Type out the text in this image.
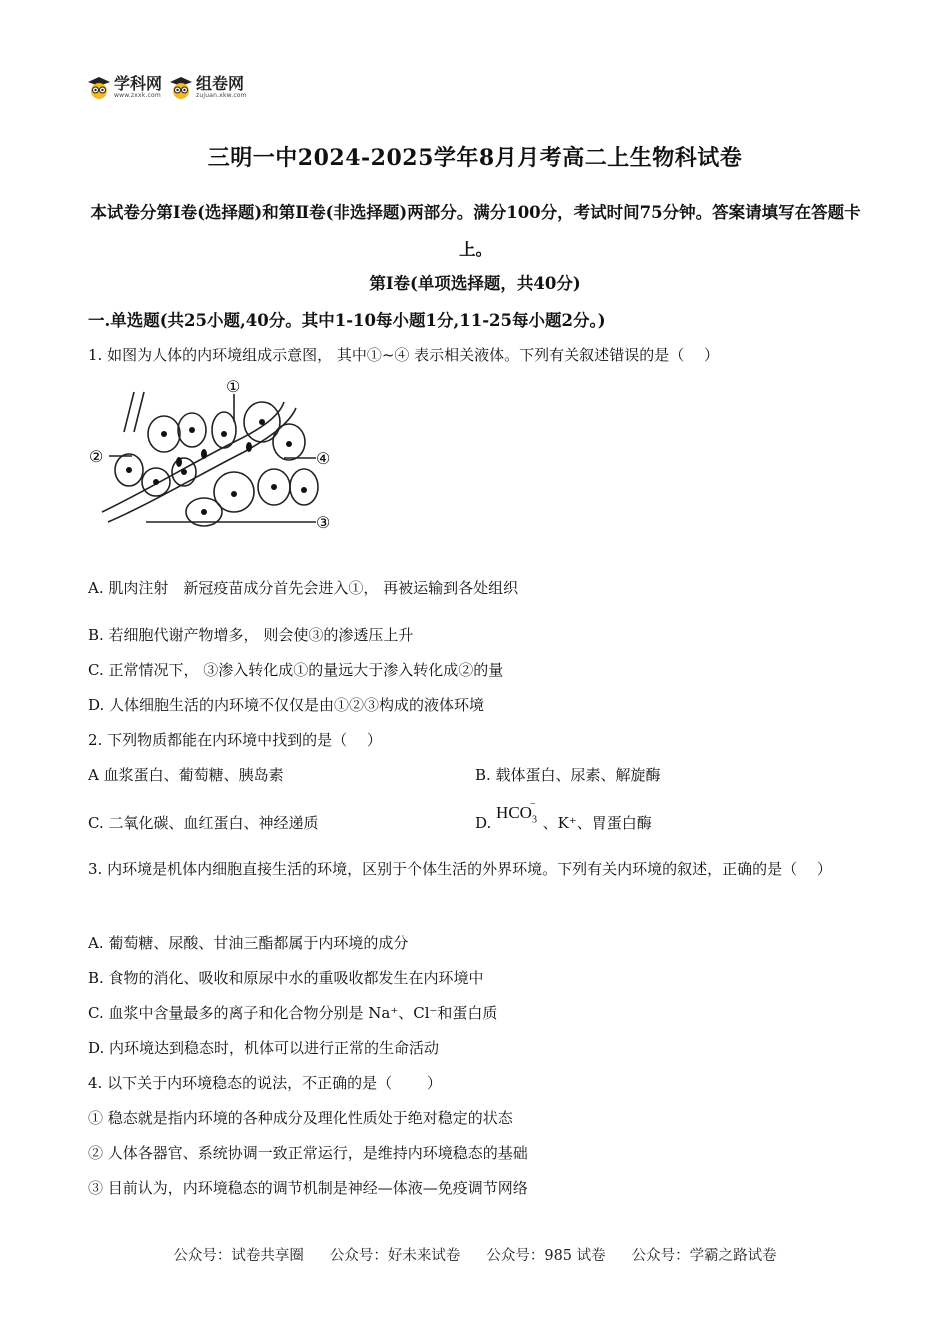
学科网
www.zxxk.com
组卷网
zujuan.xkw.com
三明一中2024-2025学年8月月考高二上生物科试卷
本试卷分第Ⅰ卷(选择题)和第Ⅱ卷(非选择题)两部分。满分100分，考试时间75分钟。答案请填写在答题卡上。
第Ⅰ卷(单项选择题，共40分)
一.单选题(共25小题,40分。其中1-10每小题1分,11-25每小题2分。)
1. 如图为人体的内环境组成示意图， 其中①~④ 表示相关液体。下列有关叙述错误的是（　 ）
①
②
③
④
A. 肌肉注射　新冠疫苗成分首先会进入①， 再被运输到各处组织
B. 若细胞代谢产物增多， 则会使③的渗透压上升
C. 正常情况下， ③渗入转化成①的量远大于渗入转化成②的量
D. 人体细胞生活的内环境不仅仅是由①②③构成的液体环境
2. 下列物质都能在内环境中找到的是（　 ）
A 血浆蛋白、葡萄糖、胰岛素	B. 载体蛋白、尿素、解旋酶
C. 二氧化碳、血红蛋白、神经递质	D. $HCO_3^-$、K⁺、胃蛋白酶
3. 内环境是机体内细胞直接生活的环境，区别于个体生活的外界环境。下列有关内环境的叙述，正确的是（　 ）
A. 葡萄糖、尿酸、甘油三酯都属于内环境的成分
B. 食物的消化、吸收和原尿中水的重吸收都发生在内环境中
C. 血浆中含量最多的离子和化合物分别是 Na⁺、Cl⁻和蛋白质
D. 内环境达到稳态时，机体可以进行正常的生命活动
4. 以下关于内环境稳态的说法，不正确的是（　 　）
① 稳态就是指内环境的各种成分及理化性质处于绝对稳定的状态
② 人体各器官、系统协调一致正常运行，是维持内环境稳态的基础
③ 目前认为，内环境稳态的调节机制是神经—体液—免疫调节网络
公众号：试卷共享圈 公众号：好未来试卷 公众号：985 试卷 公众号：学霸之路试卷
